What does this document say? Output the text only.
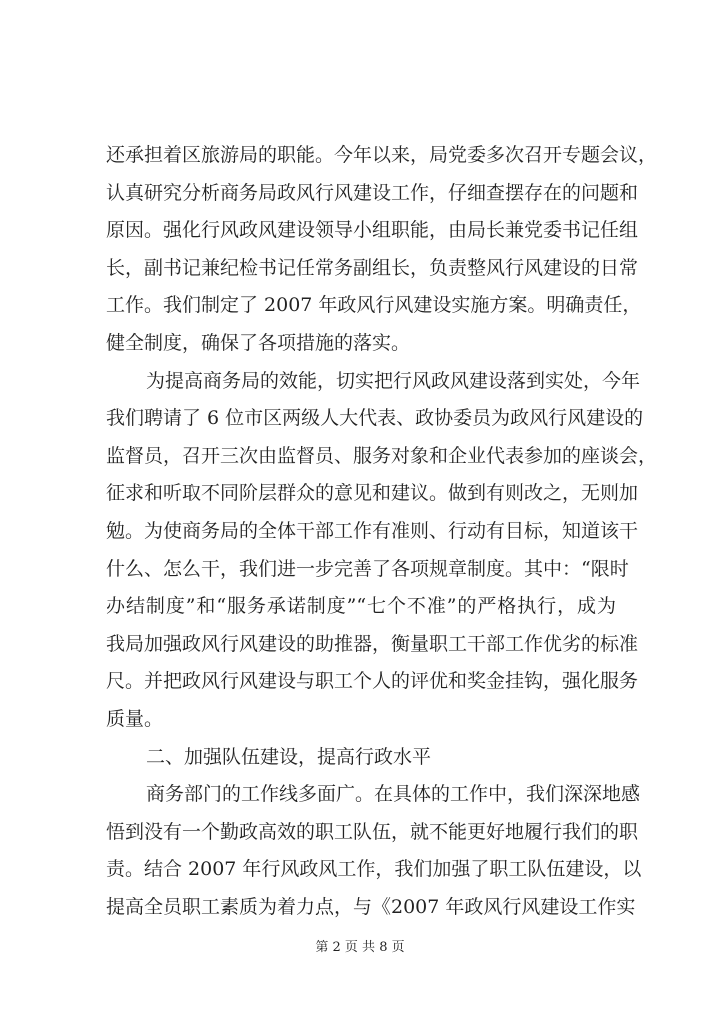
还承担着区旅游局的职能。今年以来，局党委多次召开专题会议，
认真研究分析商务局政风行风建设工作，仔细查摆存在的问题和
原因。强化行风政风建设领导小组职能，由局长兼党委书记任组
长，副书记兼纪检书记任常务副组长，负责整风行风建设的日常
工作。我们制定了 2007 年政风行风建设实施方案。明确责任，
健全制度，确保了各项措施的落实。
为提高商务局的效能，切实把行风政风建设落到实处，今年
我们聘请了 6 位市区两级人大代表、政协委员为政风行风建设的
监督员，召开三次由监督员、服务对象和企业代表参加的座谈会，
征求和听取不同阶层群众的意见和建议。做到有则改之，无则加
勉。为使商务局的全体干部工作有准则、行动有目标，知道该干
什么、怎么干，我们进一步完善了各项规章制度。其中：“限时
办结制度”和“服务承诺制度”“七个不准”的严格执行，成为
我局加强政风行风建设的助推器，衡量职工干部工作优劣的标准
尺。并把政风行风建设与职工个人的评优和奖金挂钩，强化服务
质量。
二、加强队伍建设，提高行政水平
商务部门的工作线多面广。在具体的工作中，我们深深地感
悟到没有一个勤政高效的职工队伍，就不能更好地履行我们的职
责。结合 2007 年行风政风工作，我们加强了职工队伍建设，以
提高全员职工素质为着力点，与《2007 年政风行风建设工作实
第 2 页 共 8 页
